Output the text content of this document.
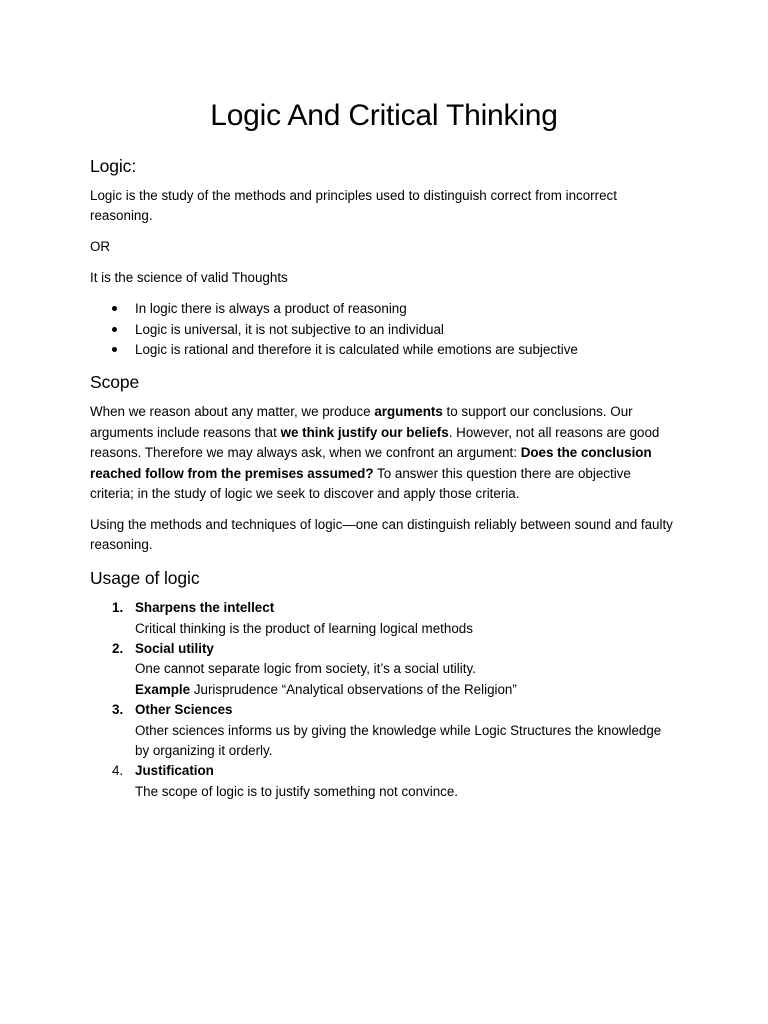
Logic And Critical Thinking
Logic:

Logic is the study of the methods and principles used to distinguish correct from incorrect reasoning.

OR

It is the science of valid Thoughts

In logic there is always a product of reasoning
Logic is universal, it is not subjective to an individual
Logic is rational and therefore it is calculated while emotions are subjective
Scope

When we reason about any matter, we produce arguments to support our conclusions. Our arguments include reasons that we think justify our beliefs. However, not all reasons are good reasons. Therefore we may always ask, when we confront an argument: Does the conclusion reached follow from the premises assumed? To answer this question there are objective criteria; in the study of logic we seek to discover and apply those criteria.

Using the methods and techniques of logic—one can distinguish reliably between sound and faulty reasoning.

Usage of logic
1. Sharpens the intellect
Critical thinking is the product of learning logical methods
2. Social utility
One cannot separate logic from society, it’s a social utility.
Example Jurisprudence “Analytical observations of the Religion”
3. Other Sciences
Other sciences informs us by giving the knowledge while Logic Structures the knowledge by organizing it orderly.
4. Justification
The scope of logic is to justify something not convince.
